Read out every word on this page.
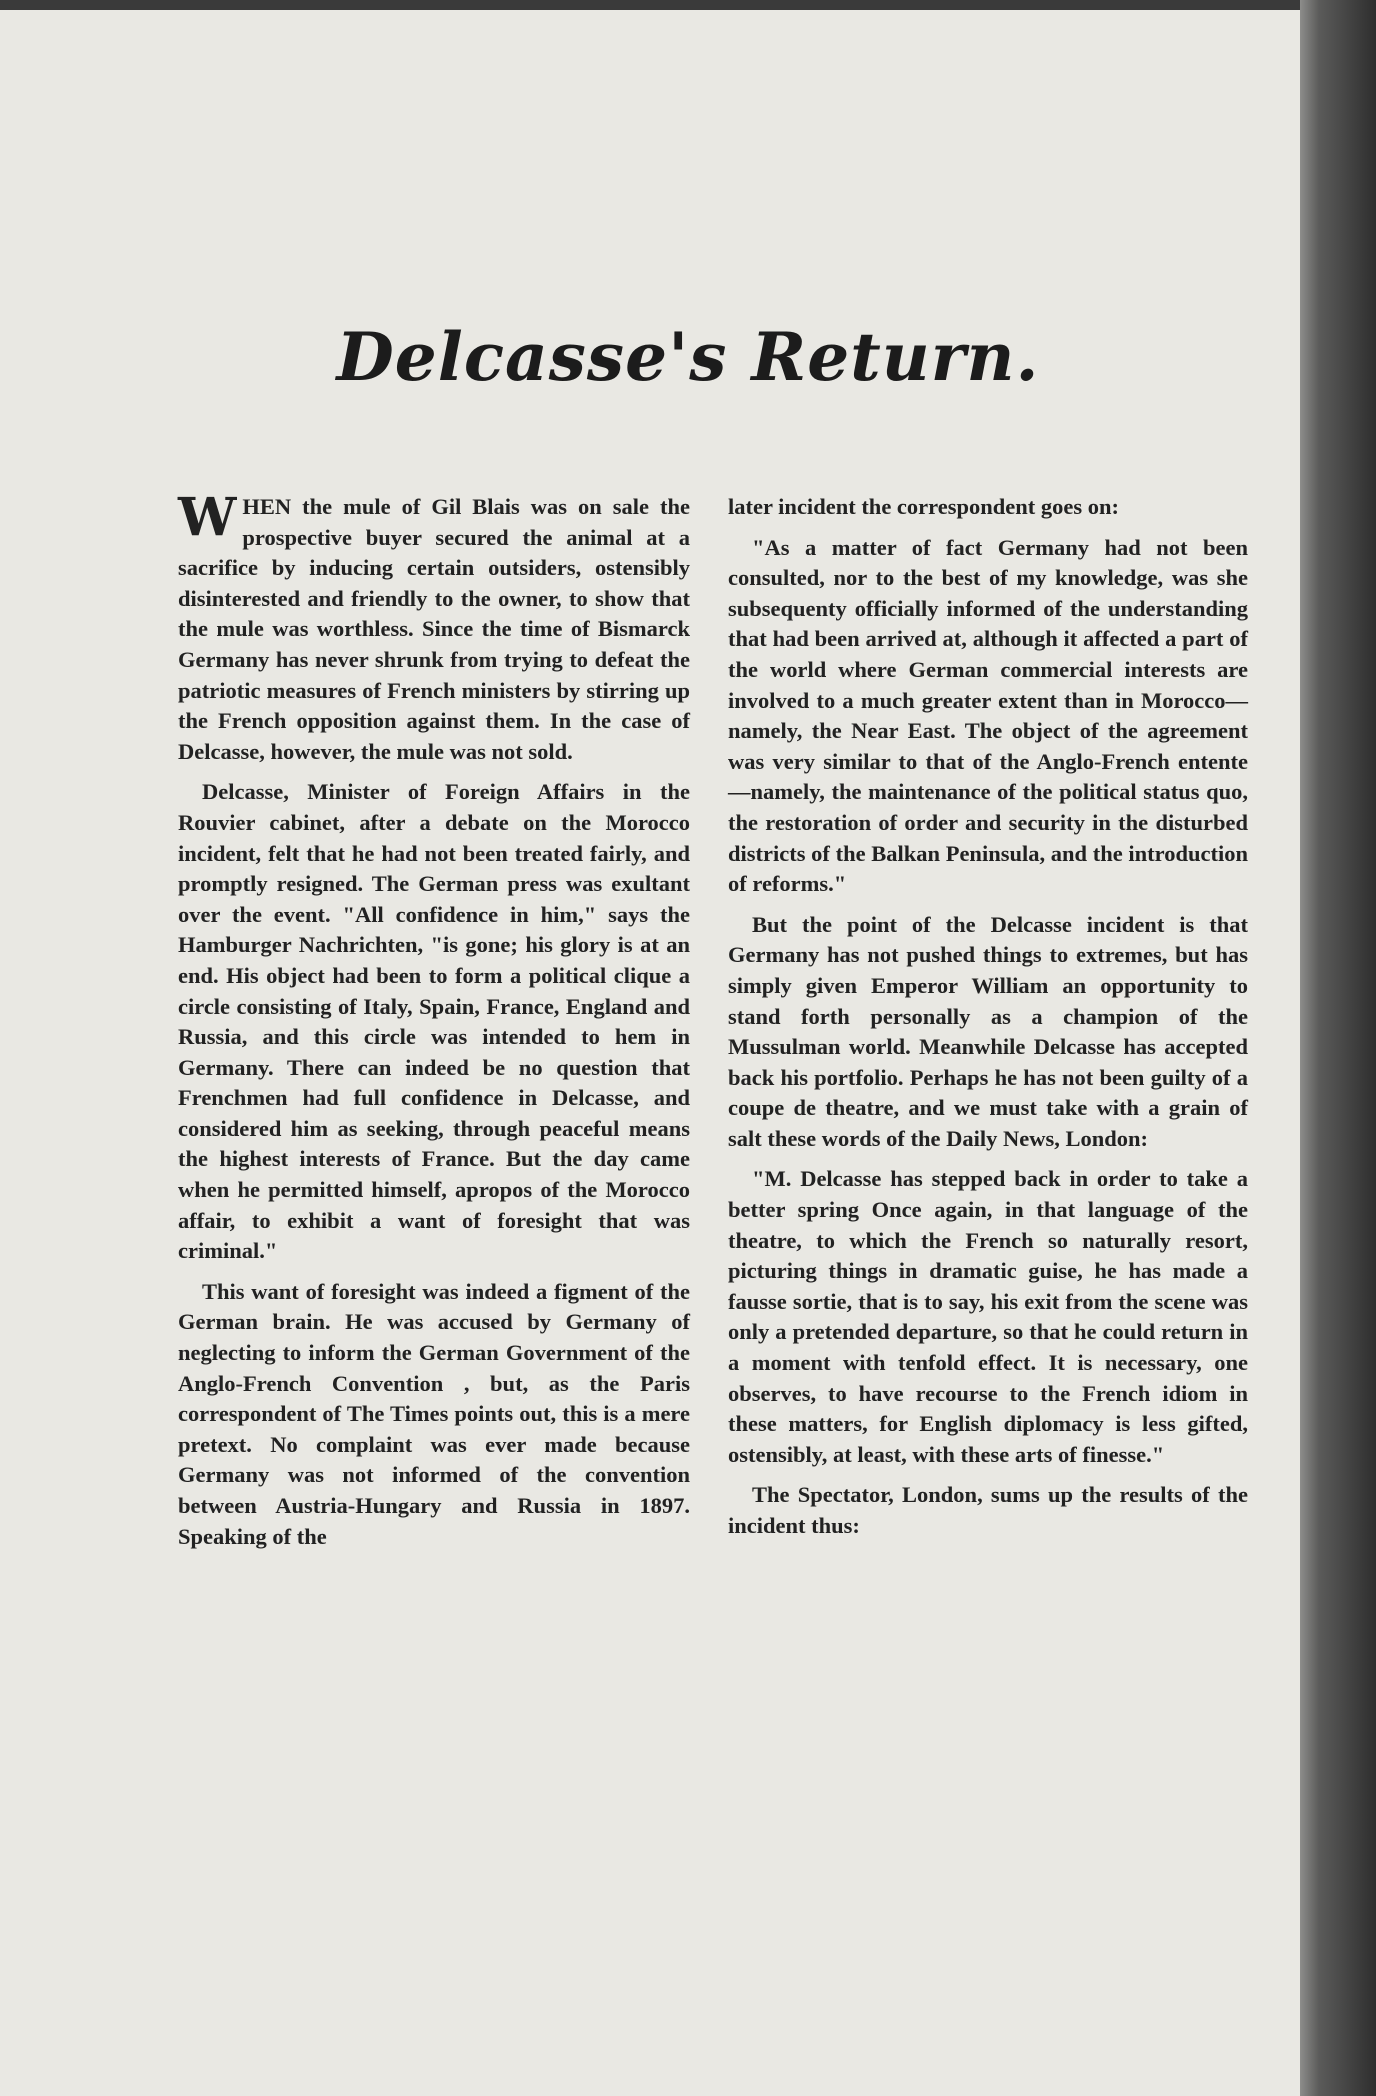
Delcasse's Return.

WHEN the mule of Gil Blais was on sale the prospective buyer secured the animal at a sacrifice by inducing certain outsiders, ostensibly disinterested and friendly to the owner, to show that the mule was worthless. Since the time of Bismarck Germany has never shrunk from trying to defeat the patriotic measures of French ministers by stirring up the French opposition against them. In the case of Delcasse, however, the mule was not sold.

Delcasse, Minister of Foreign Affairs in the Rouvier cabinet, after a debate on the Morocco incident, felt that he had not been treated fairly, and promptly resigned. The German press was exultant over the event. "All confidence in him," says the Hamburger Nachrichten, "is gone; his glory is at an end. His object had been to form a political clique a circle consisting of Italy, Spain, France, England and Russia, and this circle was intended to hem in Germany. There can indeed be no question that Frenchmen had full confidence in Delcasse, and considered him as seeking, through peaceful means the highest interests of France. But the day came when he permitted himself, apropos of the Morocco affair, to exhibit a want of foresight that was criminal."

This want of foresight was indeed a figment of the German brain. He was accused by Germany of neglecting to inform the German Government of the Anglo-French Convention , but, as the Paris correspondent of The Times points out, this is a mere pretext. No complaint was ever made because Germany was not informed of the convention between Austria-Hungary and Russia in 1897. Speaking of the

later incident the correspondent goes on:

"As a matter of fact Germany had not been consulted, nor to the best of my knowledge, was she subsequenty officially informed of the understanding that had been arrived at, although it affected a part of the world where German commercial interests are involved to a much greater extent than in Morocco—namely, the Near East. The object of the agreement was very similar to that of the Anglo-French entente—namely, the maintenance of the political status quo, the restoration of order and security in the disturbed districts of the Balkan Peninsula, and the introduction of reforms."

But the point of the Delcasse incident is that Germany has not pushed things to extremes, but has simply given Emperor William an opportunity to stand forth personally as a champion of the Mussulman world. Meanwhile Delcasse has accepted back his portfolio. Perhaps he has not been guilty of a coupe de theatre, and we must take with a grain of salt these words of the Daily News, London:

"M. Delcasse has stepped back in order to take a better spring Once again, in that language of the theatre, to which the French so naturally resort, picturing things in dramatic guise, he has made a fausse sortie, that is to say, his exit from the scene was only a pretended departure, so that he could return in a moment with tenfold effect. It is necessary, one observes, to have recourse to the French idiom in these matters, for English diplomacy is less gifted, ostensibly, at least, with these arts of finesse."

The Spectator, London, sums up the results of the incident thus:
